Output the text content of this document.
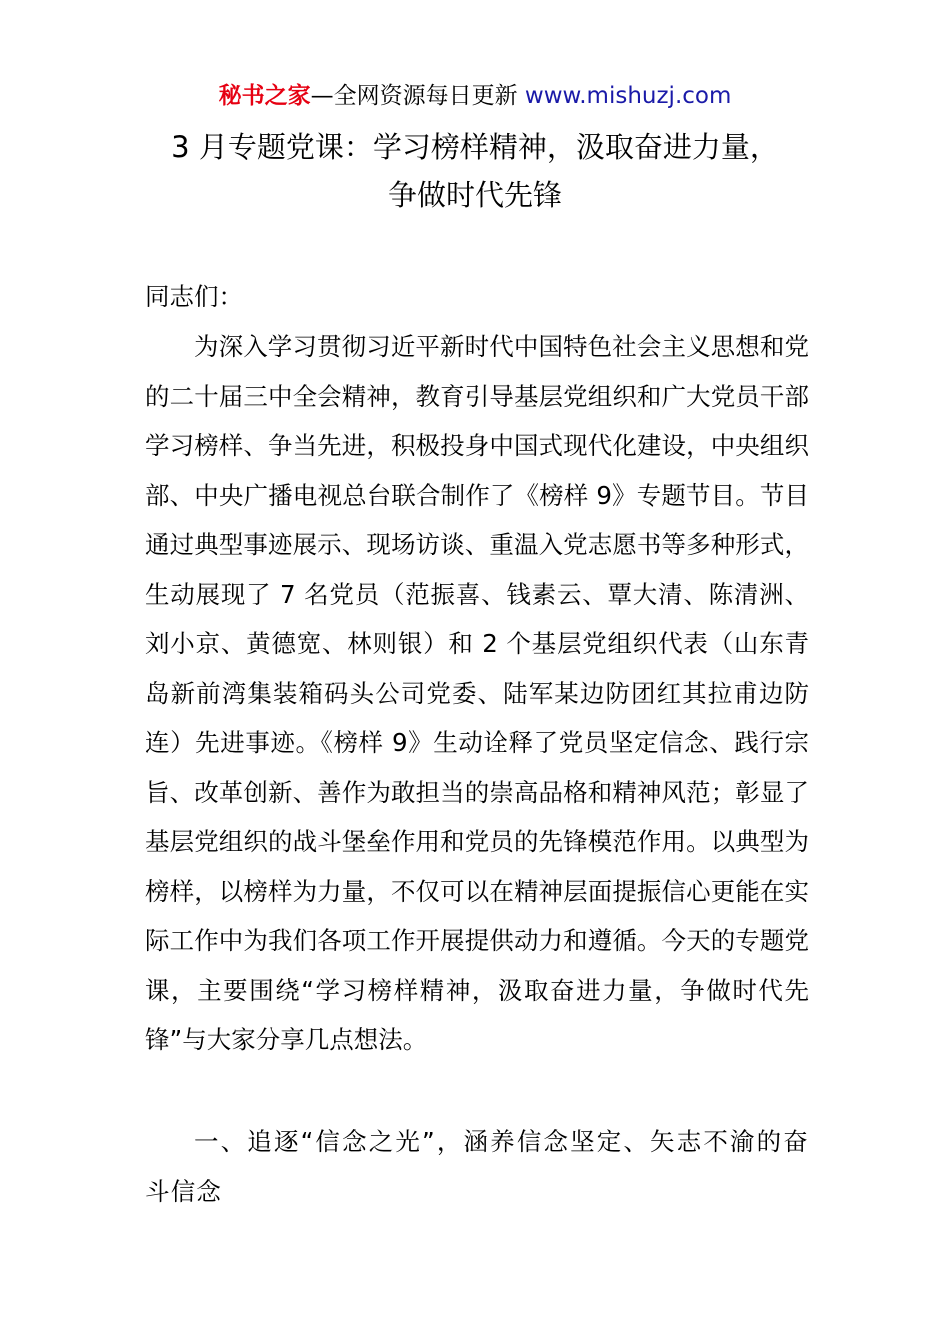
秘书之家—全网资源每日更新 www.mishuzj.com
3 月专题党课：学习榜样精神，汲取奋进力量，
争做时代先锋
同志们：
为深入学习贯彻习近平新时代中国特色社会主义思想和党的二十届三中全会精神，教育引导基层党组织和广大党员干部学习榜样、争当先进，积极投身中国式现代化建设，中央组织部、中央广播电视总台联合制作了《榜样 9》专题节目。节目通过典型事迹展示、现场访谈、重温入党志愿书等多种形式，生动展现了 7 名党员（范振喜、钱素云、覃大清、陈清洲、刘小京、黄德宽、林则银）和 2 个基层党组织代表（山东青岛新前湾集装箱码头公司党委、陆军某边防团红其拉甫边防连）先进事迹。《榜样 9》生动诠释了党员坚定信念、践行宗旨、改革创新、善作为敢担当的崇高品格和精神风范；彰显了基层党组织的战斗堡垒作用和党员的先锋模范作用。以典型为榜样，以榜样为力量，不仅可以在精神层面提振信心更能在实际工作中为我们各项工作开展提供动力和遵循。今天的专题党课，主要围绕“学习榜样精神，汲取奋进力量，争做时代先锋”与大家分享几点想法。
一、追逐“信念之光”，涵养信念坚定、矢志不渝的奋斗信念
